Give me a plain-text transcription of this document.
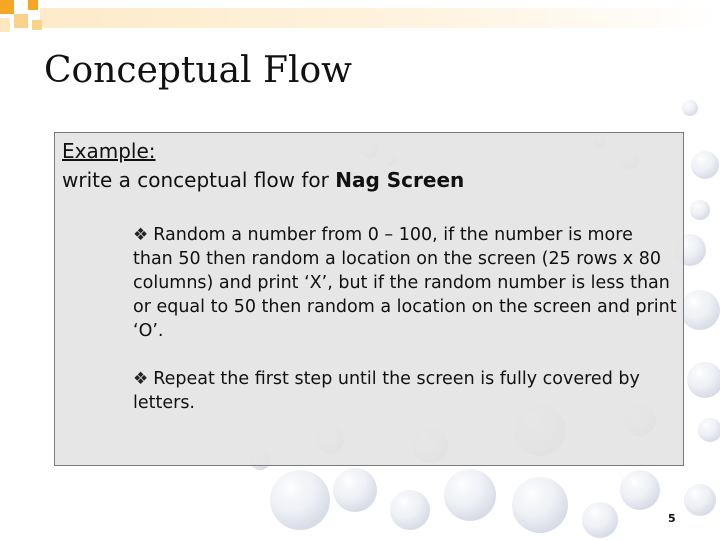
Conceptual Flow
Example:
write a conceptual flow for Nag Screen
❖ Random a number from 0 – 100, if the number is more than 50 then random a location on the screen (25 rows x 80 columns) and print ‘X’, but if the random number is less than or equal to 50 then random a location on the screen and print ‘O’.
❖ Repeat the first step until the screen is fully covered by letters.
5
